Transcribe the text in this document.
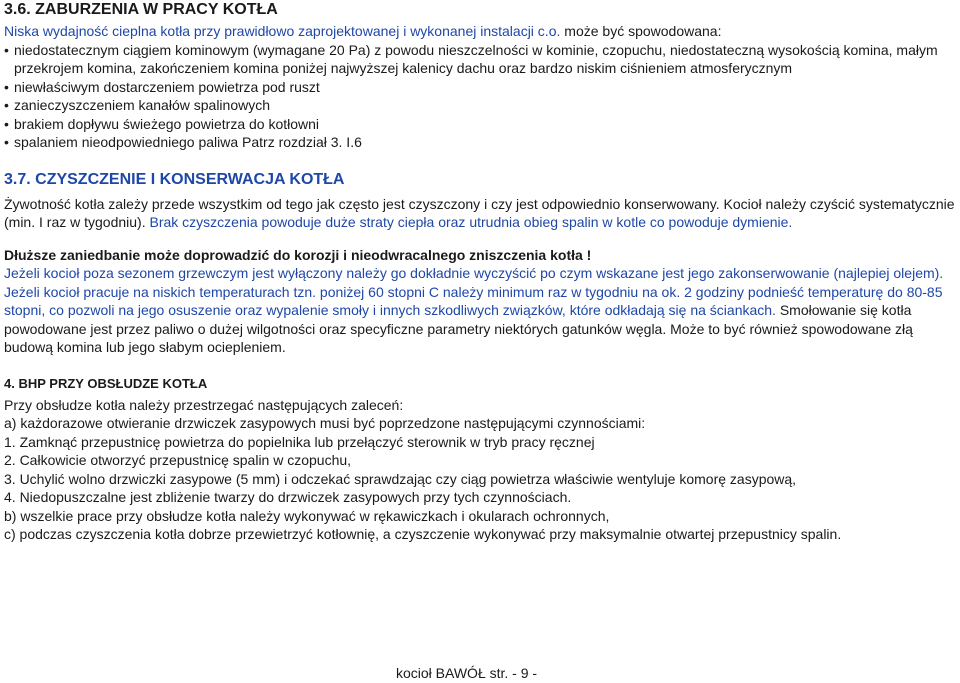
3.6. ZABURZENIA W PRACY KOTŁA

Niska wydajność cieplna kotła przy prawidłowo zaprojektowanej i wykonanej instalacji c.o. może być spowodowana:

• niedostatecznym ciągiem kominowym (wymagane 20 Pa) z powodu nieszczelności w kominie, czopuchu, niedostateczną wysokością komina, małym przekrojem komina, zakończeniem komina poniżej najwyższej kalenicy dachu oraz bardzo niskim ciśnieniem atmosferycznym
• niewłaściwym dostarczeniem powietrza pod ruszt
• zanieczyszczeniem kanałów spalinowych
• brakiem dopływu świeżego powietrza do kotłowni
• spalaniem nieodpowiedniego paliwa Patrz rozdział 3. I.6
3.7. CZYSZCZENIE I KONSERWACJA KOTŁA

Żywotność kotła zależy przede wszystkim od tego jak często jest czyszczony i czy jest odpowiednio konserwowany. Kocioł należy czyścić systematycznie (min. I raz w tygodniu). Brak czyszczenia powoduje duże straty ciepła oraz utrudnia obieg spalin w kotle co powoduje dymienie.

Dłuższe zaniedbanie może doprowadzić do korozji i nieodwracalnego zniszczenia kotła !

Jeżeli kocioł poza sezonem grzewczym jest wyłączony należy go dokładnie wyczyścić po czym wskazane jest jego zakonserwowanie (najlepiej olejem). Jeżeli kocioł pracuje na niskich temperaturach tzn. poniżej 60 stopni C należy minimum raz w tygodniu na ok. 2 godziny podnieść temperaturę do 80-85 stopni, co pozwoli na jego osuszenie oraz wypalenie smoły i innych szkodliwych związków, które odkładają się na ściankach. Smołowanie się kotła powodowane jest przez paliwo o dużej wilgotności oraz specyficzne parametry niektórych gatunków węgla. Może to być również spowodowane złą budową komina lub jego słabym ociepleniem.

4. BHP PRZY OBSŁUDZE KOTŁA

Przy obsłudze kotła należy przestrzegać następujących zaleceń:

a) każdorazowe otwieranie drzwiczek zasypowych musi być poprzedzone następującymi czynnościami:

1. Zamknąć przepustnicę powietrza do popielnika lub przełączyć sterownik w tryb pracy ręcznej

2. Całkowicie otworzyć przepustnicę spalin w czopuchu,

3. Uchylić wolno drzwiczki zasypowe (5 mm) i odczekać sprawdzając czy ciąg powietrza właściwie wentyluje komorę zasypową,

4. Niedopuszczalne jest zbliżenie twarzy do drzwiczek zasypowych przy tych czynnościach.

b) wszelkie prace przy obsłudze kotła należy wykonywać w rękawiczkach i okularach ochronnych,

c) podczas czyszczenia kotła dobrze przewietrzyć kotłownię, a czyszczenie wykonywać przy maksymalnie otwartej przepustnicy spalin.

kocioł BAWÓŁ str. - 9 -
